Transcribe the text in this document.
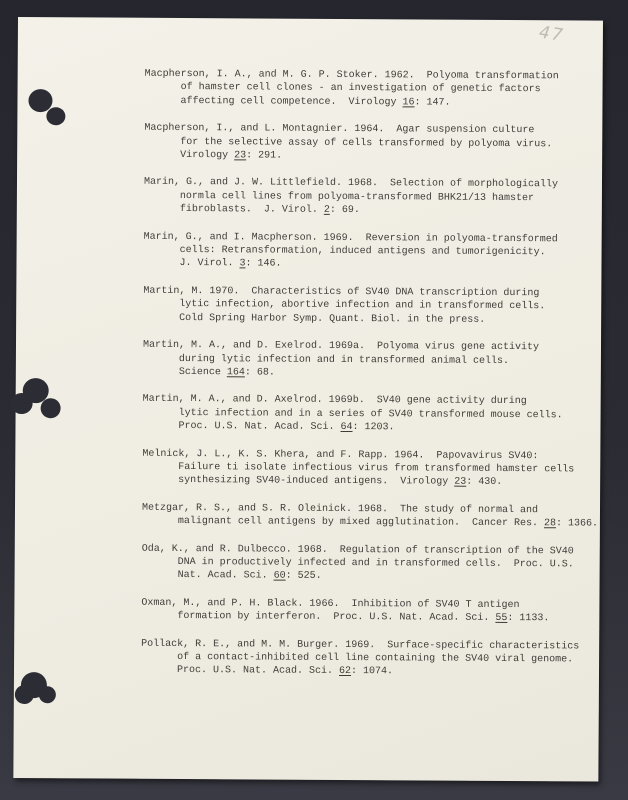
47
Macpherson, I. A., and M. G. P. Stoker. 1962.  Polyoma transformation
of hamster cell clones - an investigation of genetic factors
affecting cell competence.  Virology 16: 147.
Macpherson, I., and L. Montagnier. 1964.  Agar suspension culture
for the selective assay of cells transformed by polyoma virus.
Virology 23: 291.
Marin, G., and J. W. Littlefield. 1968.  Selection of morphologically
normla cell lines from polyoma-transformed BHK21/13 hamster
fibroblasts.  J. Virol. 2: 69.
Marin, G., and I. Macpherson. 1969.  Reversion in polyoma-transformed
cells: Retransformation, induced antigens and tumorigenicity.
J. Virol. 3: 146.
Martin, M. 1970.  Characteristics of SV40 DNA transcription during
lytic infection, abortive infection and in transformed cells.
Cold Spring Harbor Symp. Quant. Biol. in the press.
Martin, M. A., and D. Exelrod. 1969a.  Polyoma virus gene activity
during lytic infection and in transformed animal cells.
Science 164: 68.
Martin, M. A., and D. Axelrod. 1969b.  SV40 gene activity during
lytic infection and in a series of SV40 transformed mouse cells.
Proc. U.S. Nat. Acad. Sci. 64: 1203.
Melnick, J. L., K. S. Khera, and F. Rapp. 1964.  Papovavirus SV40:
Failure ti isolate infectious virus from transformed hamster cells
synthesizing SV40-induced antigens.  Virology 23: 430.
Metzgar, R. S., and S. R. Oleinick. 1968.  The study of normal and
malignant cell antigens by mixed agglutination.  Cancer Res. 28: 1366.
Oda, K., and R. Dulbecco. 1968.  Regulation of transcription of the SV40
DNA in productively infected and in transformed cells.  Proc. U.S.
Nat. Acad. Sci. 60: 525.
Oxman, M., and P. H. Black. 1966.  Inhibition of SV40 T antigen
formation by interferon.  Proc. U.S. Nat. Acad. Sci. 55: 1133.
Pollack, R. E., and M. M. Burger. 1969.  Surface-specific characteristics
of a contact-inhibited cell line containing the SV40 viral genome.
Proc. U.S. Nat. Acad. Sci. 62: 1074.
